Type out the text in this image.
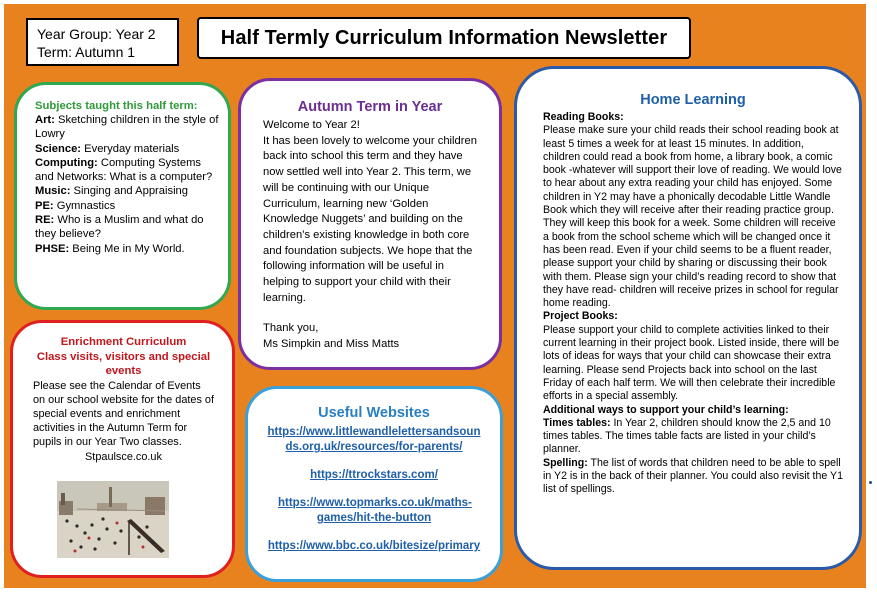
Year Group: Year 2
Term: Autumn 1
Half Termly Curriculum Information Newsletter
Subjects taught this half term:
Art: Sketching children in the style of Lowry
Science: Everyday materials
Computing: Computing Systems and Networks: What is a computer?
Music: Singing and Appraising
PE: Gymnastics
RE: Who is a Muslim and what do they believe?
PHSE: Being Me in My World.
Autumn Term in Year
Welcome to Year 2!
It has been lovely to welcome your children back into school this term and they have now settled well into Year 2. This term, we will be continuing with our Unique Curriculum, learning new ‘Golden Knowledge Nuggets’ and building on the children’s existing knowledge in both core and foundation subjects. We hope that the following information will be useful in helping to support your child with their learning.
Thank you,
Ms Simpkin and Miss Matts
Enrichment Curriculum
Class visits, visitors and special events
Please see the Calendar of Events on our school website for the dates of special events and enrichment activities in the Autumn Term for pupils in our Year Two classes.
Stpaulsce.co.uk
Useful Websites
https://www.littlewandlelettersandsounds.org.uk/resources/for-parents/
https://ttrockstars.com/
https://www.topmarks.co.uk/maths-games/hit-the-button
https://www.bbc.co.uk/bitesize/primary
Home Learning
Reading Books:
Please make sure your child reads their school reading book at least 5 times a week for at least 15 minutes. In addition, children could read a book from home, a library book, a comic book -whatever will support their love of reading. We would love to hear about any extra reading your child has enjoyed. Some children in Y2 may have a phonically decodable Little Wandle Book which they will receive after their reading practice group. They will keep this book for a week. Some children will receive a book from the school scheme which will be changed once it has been read. Even if your child seems to be a fluent reader, please support your child by sharing or discussing their book with them. Please sign your child’s reading record to show that they have read- children will receive prizes in school for regular home reading.
Project Books:
Please support your child to complete activities linked to their current learning in their project book. Listed inside, there will be lots of ideas for ways that your child can showcase their extra learning. Please send Projects back into school on the last Friday of each half term. We will then celebrate their incredible efforts in a special assembly.
Additional ways to support your child’s learning:
Times tables: In Year 2, children should know the 2,5 and 10 times tables. The times table facts are listed in your child’s planner.
Spelling: The list of words that children need to be able to spell in Y2 is in the back of their planner. You could also revisit the Y1 list of spellings.
